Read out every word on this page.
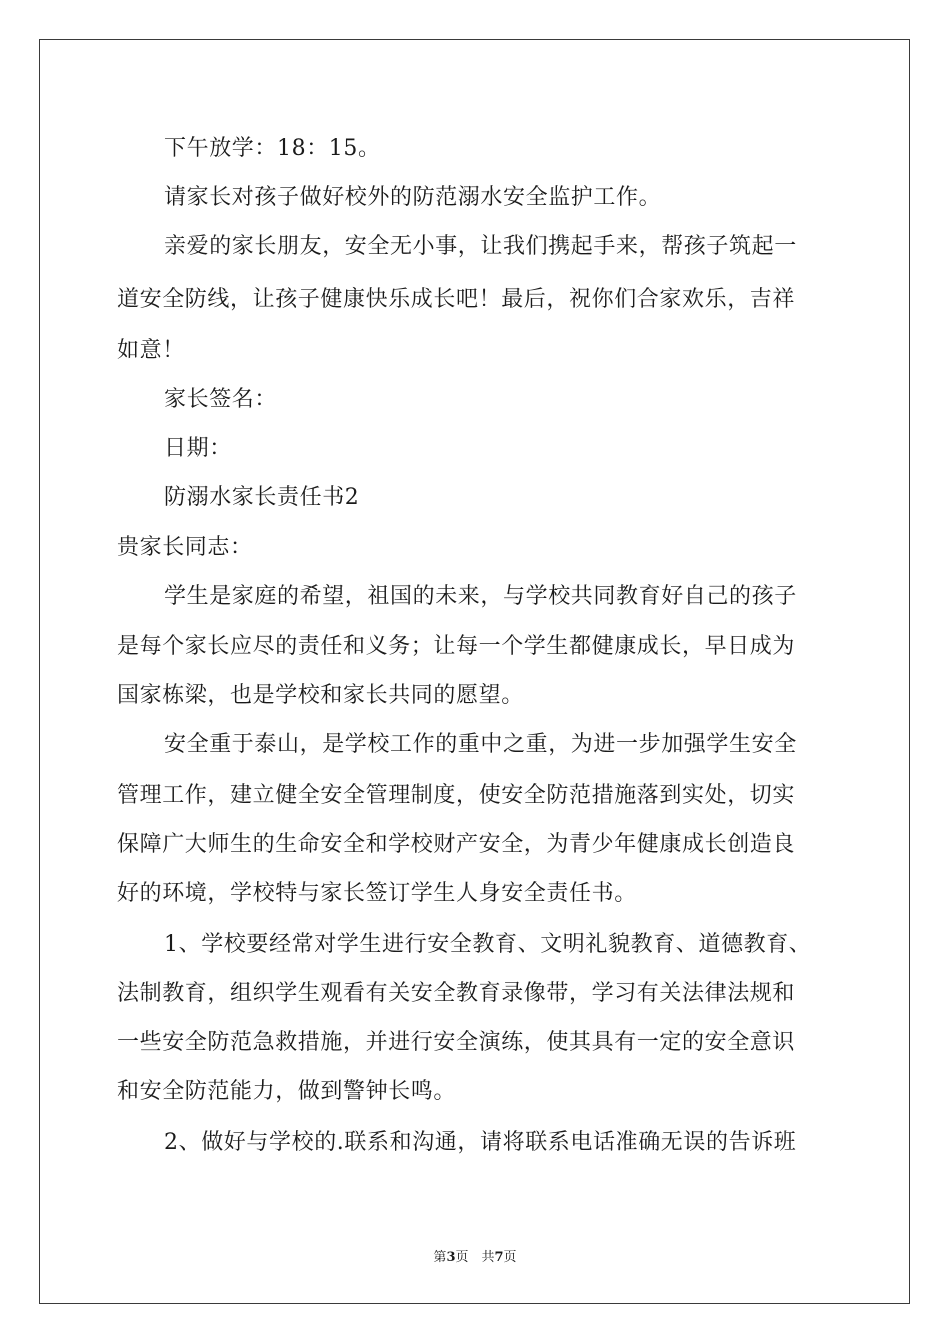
下午放学：18：15。
请家长对孩子做好校外的防范溺水安全监护工作。
亲爱的家长朋友，安全无小事，让我们携起手来，帮孩子筑起一
道安全防线，让孩子健康快乐成长吧！最后，祝你们合家欢乐，吉祥
如意！
家长签名：
日期：
防溺水家长责任书2
贵家长同志：
学生是家庭的希望，祖国的未来，与学校共同教育好自己的孩子
是每个家长应尽的责任和义务；让每一个学生都健康成长，早日成为
国家栋梁，也是学校和家长共同的愿望。
安全重于泰山，是学校工作的重中之重，为进一步加强学生安全
管理工作，建立健全安全管理制度，使安全防范措施落到实处，切实
保障广大师生的生命安全和学校财产安全，为青少年健康成长创造良
好的环境，学校特与家长签订学生人身安全责任书。
1、学校要经常对学生进行安全教育、文明礼貌教育、道德教育、
法制教育，组织学生观看有关安全教育录像带，学习有关法律法规和
一些安全防范急救措施，并进行安全演练，使其具有一定的安全意识
和安全防范能力，做到警钟长鸣。
2、做好与学校的.联系和沟通，请将联系电话准确无误的告诉班
第3页　共7页
